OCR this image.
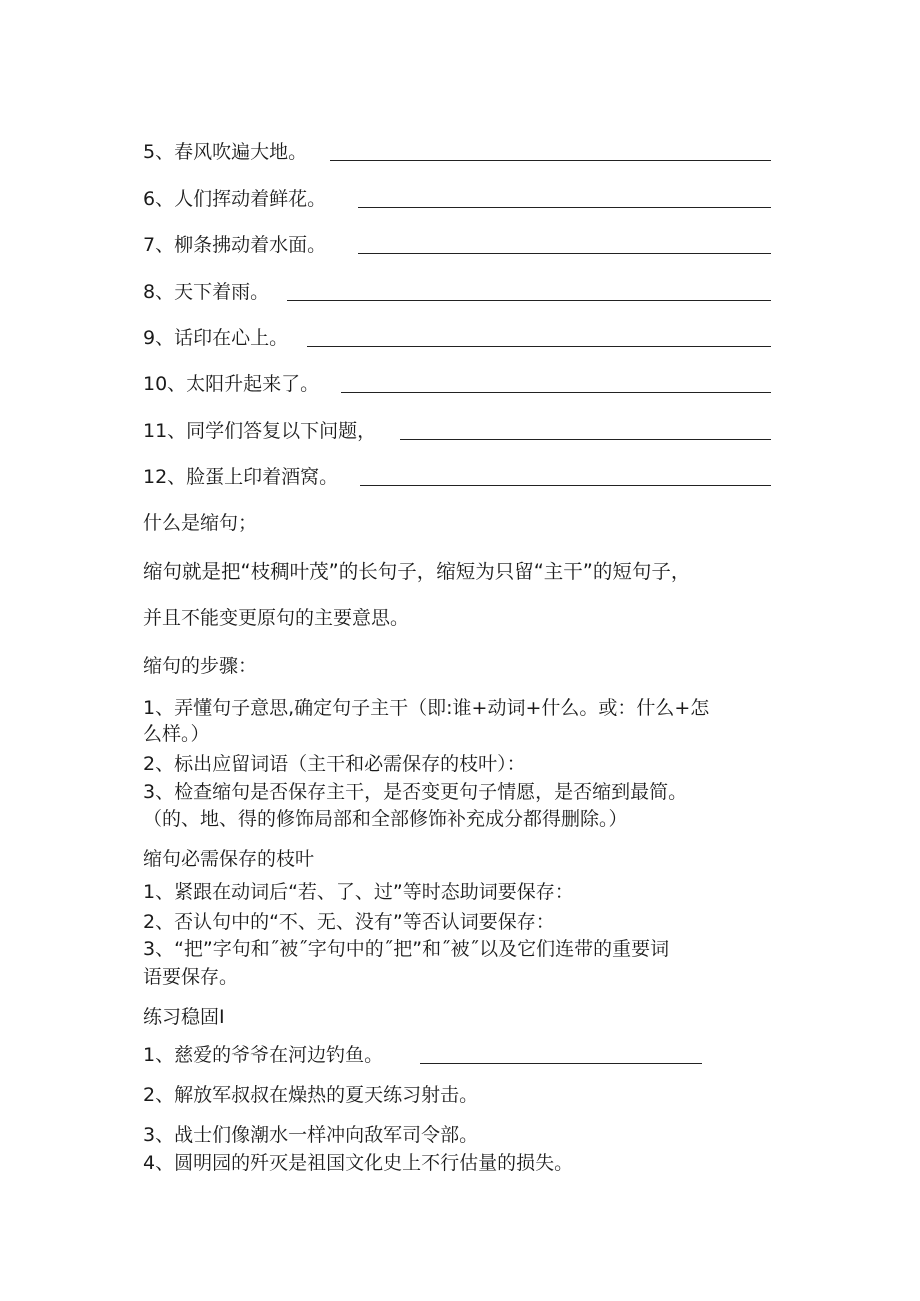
5、春风吹遍大地。
6、人们挥动着鲜花。
7、柳条拂动着水面。
8、天下着雨。
9、话印在心上。
10、太阳升起来了。
11、同学们答复以下问题，
12、脸蛋上印着酒窝。
什么是缩句；
缩句就是把“枝稠叶茂”的长句子，缩短为只留“主干”的短句子，
并且不能变更原句的主要意思。
缩句的步骤：
1、弄懂句子意思,确定句子主干（即:谁+动词+什么。或：什么+怎
么样。）
2、标出应留词语（主干和必需保存的枝叶）：
3、检查缩句是否保存主干，是否变更句子情愿，是否缩到最简。
（的、地、得的修饰局部和全部修饰补充成分都得删除。）
缩句必需保存的枝叶
1、紧跟在动词后“若、了、过”等时态助词要保存：
2、否认句中的“不、无、没有”等否认词要保存：
3、“把”字句和˝被˝字句中的˝把”和˝被˝以及它们连带的重要词
语要保存。
练习稳固I
1、慈爱的爷爷在河边钓鱼。
2、解放军叔叔在燥热的夏天练习射击。
3、战士们像潮水一样冲向敌军司令部。
4、圆明园的歼灭是祖国文化史上不行估量的损失。
